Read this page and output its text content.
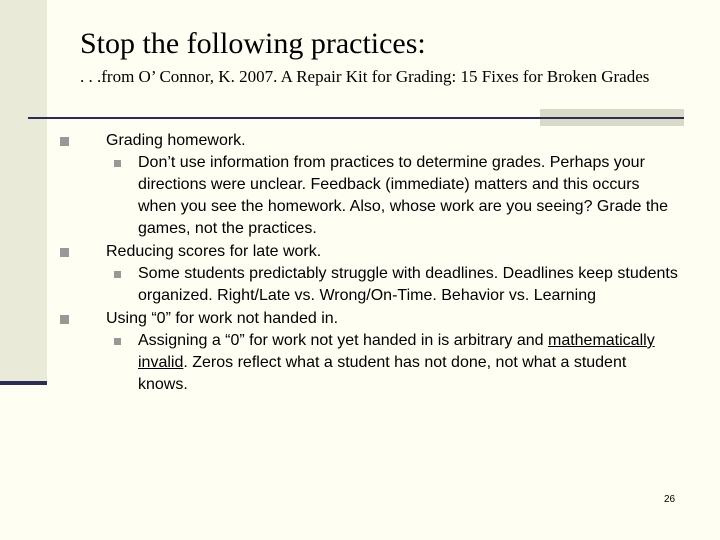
Stop the following practices:

. . .from O’ Connor, K. 2007. A Repair Kit for Grading: 15 Fixes for Broken Grades

Grading homework.
Don’t use information from practices to determine grades. Perhaps your directions were unclear. Feedback (immediate) matters and this occurs when you see the homework. Also, whose work are you seeing? Grade the games, not the practices.
Reducing scores for late work.
Some students predictably struggle with deadlines. Deadlines keep students organized. Right/Late vs. Wrong/On-Time. Behavior vs. Learning
Using “0” for work not handed in.
Assigning a “0” for work not yet handed in is arbitrary and mathematically invalid. Zeros reflect what a student has not done, not what a student knows.
26
